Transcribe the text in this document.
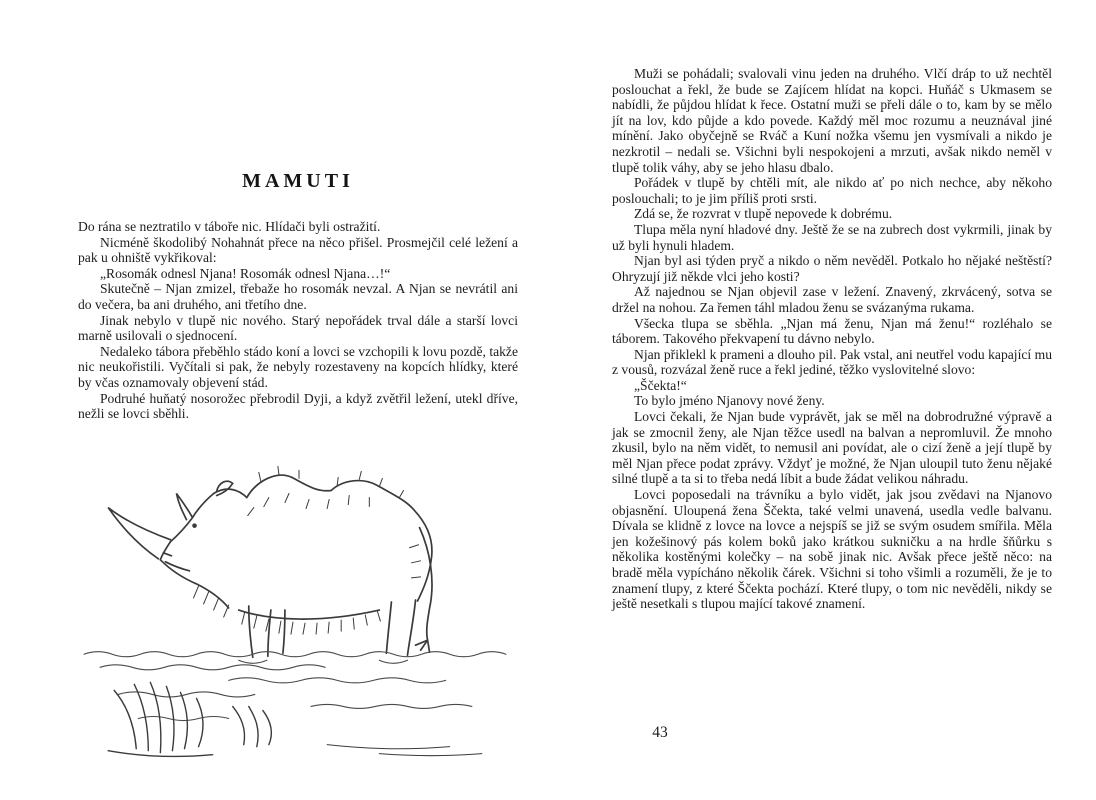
MAMUTI

Do rána se neztratilo v táboře nic. Hlídači byli ostražití.

Nicméně škodolibý Nohahnát přece na něco přišel. Prosmejčil celé ležení a pak u ohniště vykřikoval:

„Rosomák odnesl Njana! Rosomák odnesl Njana…!“

Skutečně – Njan zmizel, třebaže ho rosomák nevzal. A Njan se nevrátil ani do večera, ba ani druhého, ani třetího dne.

Jinak nebylo v tlupě nic nového. Starý nepořádek trval dále a starší lovci marně usilovali o sjednocení.

Nedaleko tábora přeběhlo stádo koní a lovci se vzchopili k lovu pozdě, takže nic neukořistili. Vyčítali si pak, že nebyly rozestaveny na kopcích hlídky, které by včas oznamovaly objevení stád.

Podruhé huňatý nosorožec přebrodil Dyji, a když zvětřil ležení, utekl dříve, nežli se lovci sběhli.

Muži se pohádali; svalovali vinu jeden na druhého. Vlčí dráp to už nechtěl poslouchat a řekl, že bude se Zajícem hlídat na kopci. Huňáč s Ukmasem se nabídli, že půjdou hlídat k řece. Ostatní muži se přeli dále o to, kam by se mělo jít na lov, kdo půjde a kdo povede. Každý měl moc rozumu a neuznával jiné mínění. Jako obyčejně se Rváč a Kuní nožka všemu jen vysmívali a nikdo je nezkrotil – nedali se. Všichni byli nespokojeni a mrzuti, avšak nikdo neměl v tlupě tolik váhy, aby se jeho hlasu dbalo.

Pořádek v tlupě by chtěli mít, ale nikdo ať po nich nechce, aby někoho poslouchali; to je jim příliš proti srsti.

Zdá se, že rozvrat v tlupě nepovede k dobrému.

Tlupa měla nyní hladové dny. Ještě že se na zubrech dost vykrmili, jinak by už byli hynuli hladem.

Njan byl asi týden pryč a nikdo o něm nevěděl. Potkalo ho nějaké neštěstí? Ohryzují již někde vlci jeho kosti?

Až najednou se Njan objevil zase v ležení. Znavený, zkrvácený, sotva se držel na nohou. Za řemen táhl mladou ženu se svázanýma rukama.

Všecka tlupa se sběhla. „Njan má ženu, Njan má ženu!“ rozléhalo se táborem. Takového překvapení tu dávno nebylo.

Njan přiklekl k prameni a dlouho pil. Pak vstal, ani neutřel vodu kapající mu z vousů, rozvázal ženě ruce a řekl jediné, těžko vyslovitelné slovo:

„Ščekta!“

To bylo jméno Njanovy nové ženy.

Lovci čekali, že Njan bude vyprávět, jak se měl na dobrodružné výpravě a jak se zmocnil ženy, ale Njan těžce usedl na balvan a nepromluvil. Že mnoho zkusil, bylo na něm vidět, to nemusil ani povídat, ale o cizí ženě a její tlupě by měl Njan přece podat zprávy. Vždyť je možné, že Njan uloupil tuto ženu nějaké silné tlupě a ta si to třeba nedá líbit a bude žádat velikou náhradu.

Lovci poposedali na trávníku a bylo vidět, jak jsou zvědavi na Njanovo objasnění. Uloupená žena Ščekta, také velmi unavená, usedla vedle balvanu. Dívala se klidně z lovce na lovce a nejspíš se již se svým osudem smířila. Měla jen kožešinový pás kolem boků jako krátkou sukničku a na hrdle šňůrku s několika kostěnými kolečky – na sobě jinak nic. Avšak přece ještě něco: na bradě měla vypícháno několik čárek. Všichni si toho všimli a rozuměli, že je to znamení tlupy, z které Ščekta pochází. Které tlupy, o tom nic nevěděli, nikdy se ještě nesetkali s tlupou mající takové znamení.

43
